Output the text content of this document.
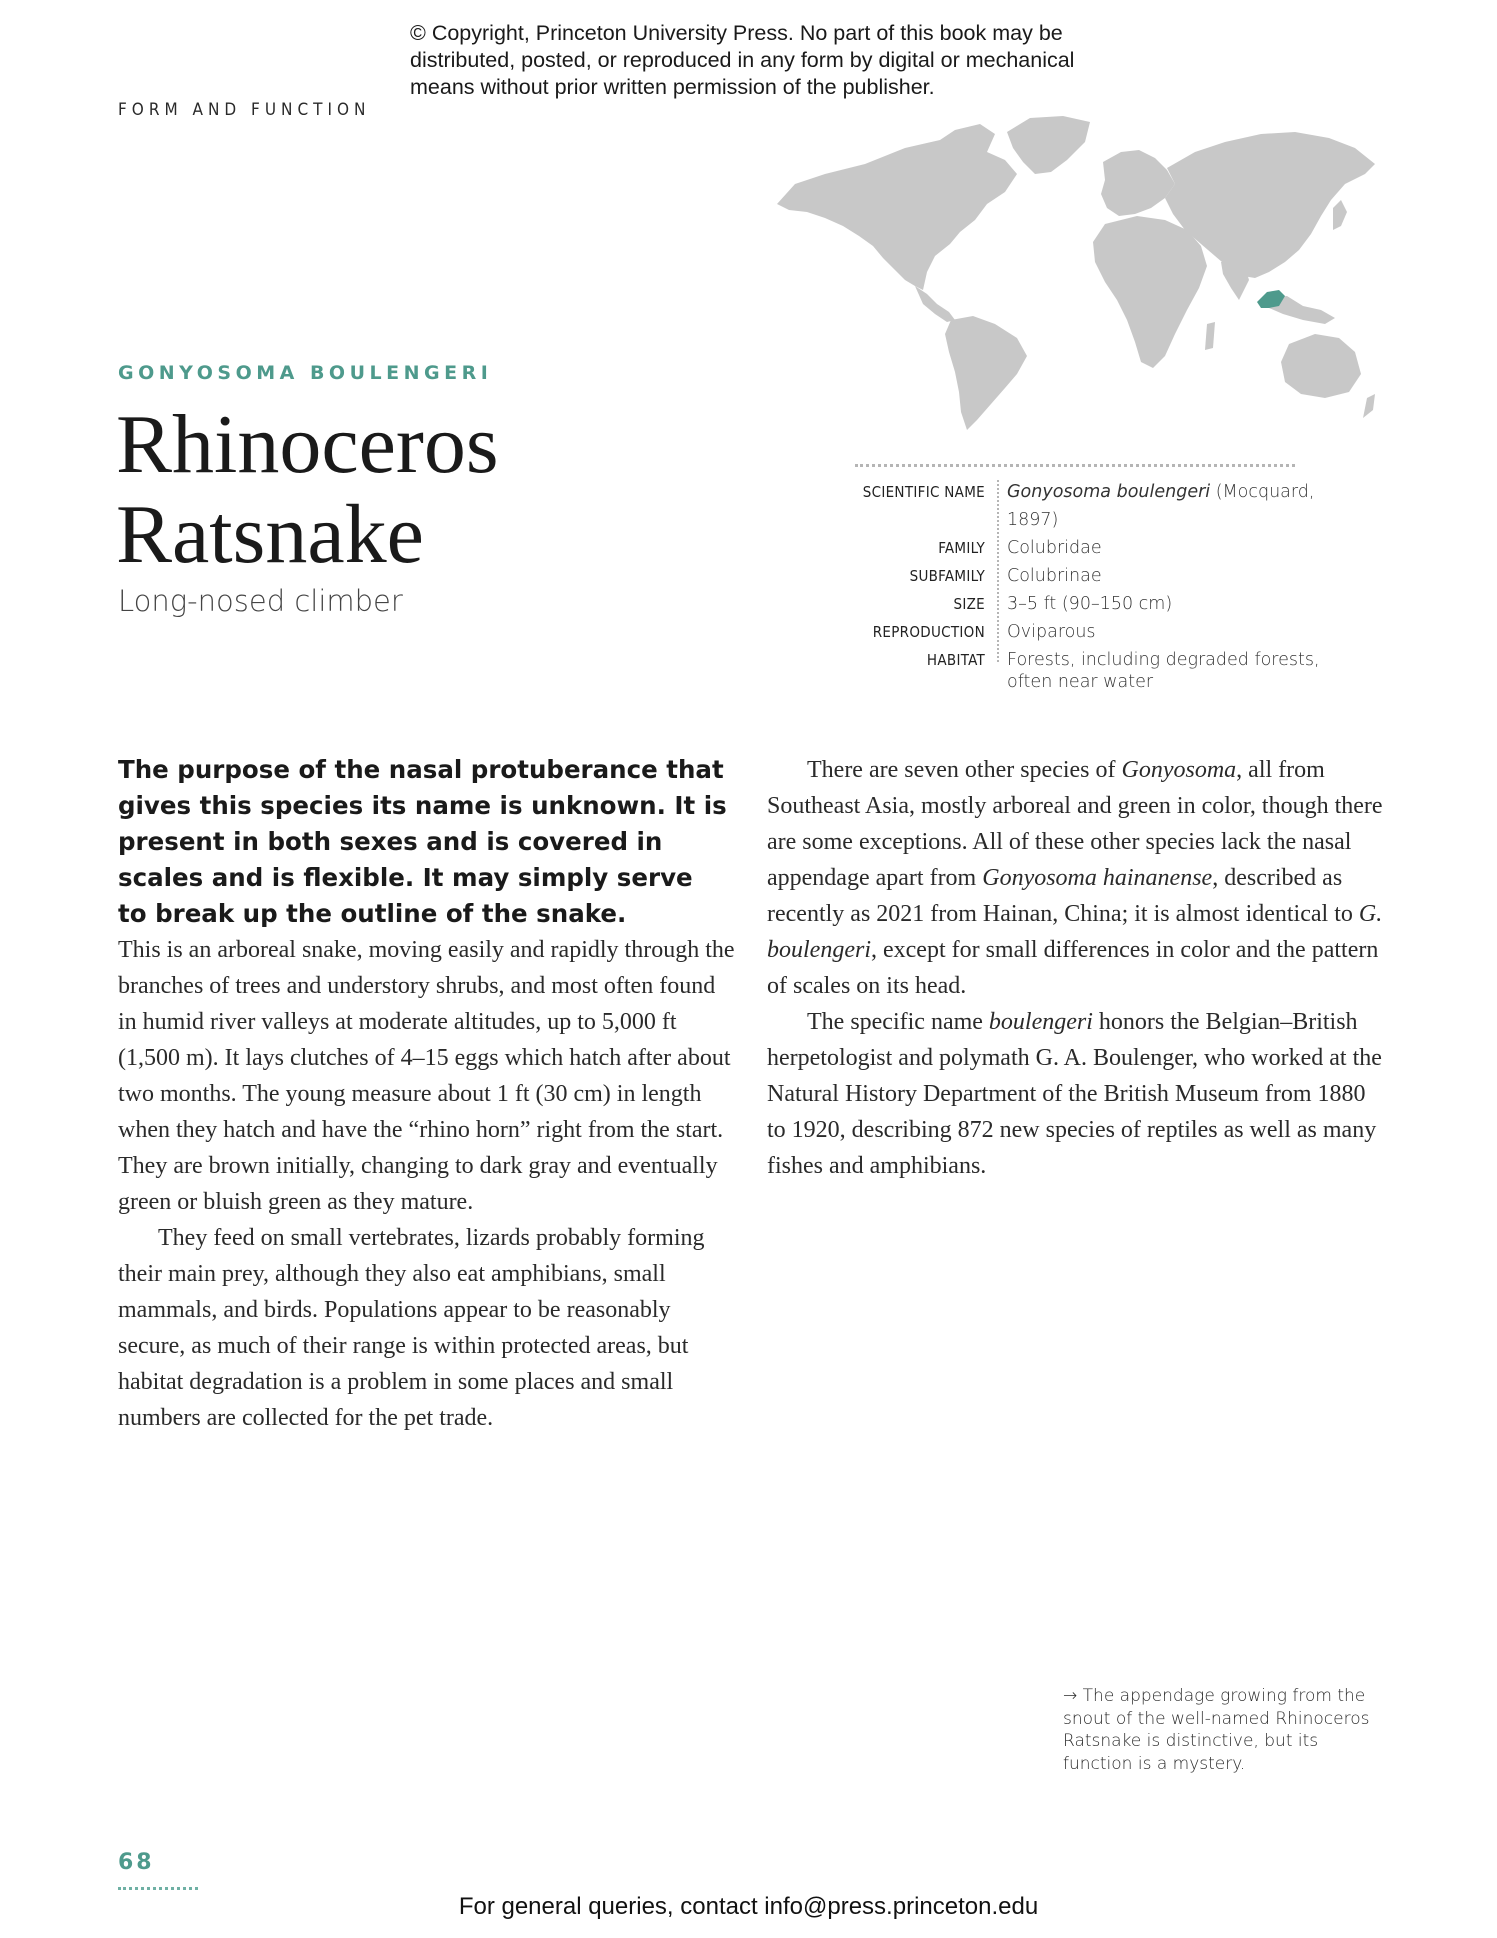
© Copyright, Princeton University Press. No part of this book may be
distributed, posted, or reproduced in any form by digital or mechanical
means without prior written permission of the publisher.
FORM AND FUNCTION
GONYOSOMA BOULENGERI
Rhinoceros
Ratsnake
Long-nosed climber
SCIENTIFIC NAME	Gonyosoma boulengeri (Mocquard, 1897)
FAMILY	Colubridae
SUBFAMILY	Colubrinae
SIZE	3–5 ft (90–150 cm)
REPRODUCTION	Oviparous
HABITAT	Forests, including degraded forests,
often near water
The purpose of the nasal protuberance that gives this species its name is unknown. It is present in both sexes and is covered in scales and is flexible. It may simply serve to break up the outline of the snake.

This is an arboreal snake, moving easily and rapidly through the branches of trees and understory shrubs, and most often found in humid river valleys at moderate altitudes, up to 5,000 ft (1,500 m). It lays clutches of 4–15 eggs which hatch after about two months. The young measure about 1 ft (30 cm) in length when they hatch and have the “rhino horn” right from the start. They are brown initially, changing to dark gray and eventually green or bluish green as they mature.

They feed on small vertebrates, lizards probably forming their main prey, although they also eat amphibians, small mammals, and birds. Populations appear to be reasonably secure, as much of their range is within protected areas, but habitat degradation is a problem in some places and small numbers are collected for the pet trade.

There are seven other species of Gonyosoma, all from Southeast Asia, mostly arboreal and green in color, though there are some exceptions. All of these other species lack the nasal appendage apart from Gonyosoma hainanense, described as recently as 2021 from Hainan, China; it is almost identical to G. boulengeri, except for small differences in color and the pattern of scales on its head.

The specific name boulengeri honors the Belgian–British herpetologist and polymath G. A. Boulenger, who worked at the Natural History Department of the British Museum from 1880 to 1920, describing 872 new species of reptiles as well as many fishes and amphibians.

→ The appendage growing from the snout of the well-named Rhinoceros Ratsnake is distinctive, but its function is a mystery.
68
For general queries, contact info@press.princeton.edu
